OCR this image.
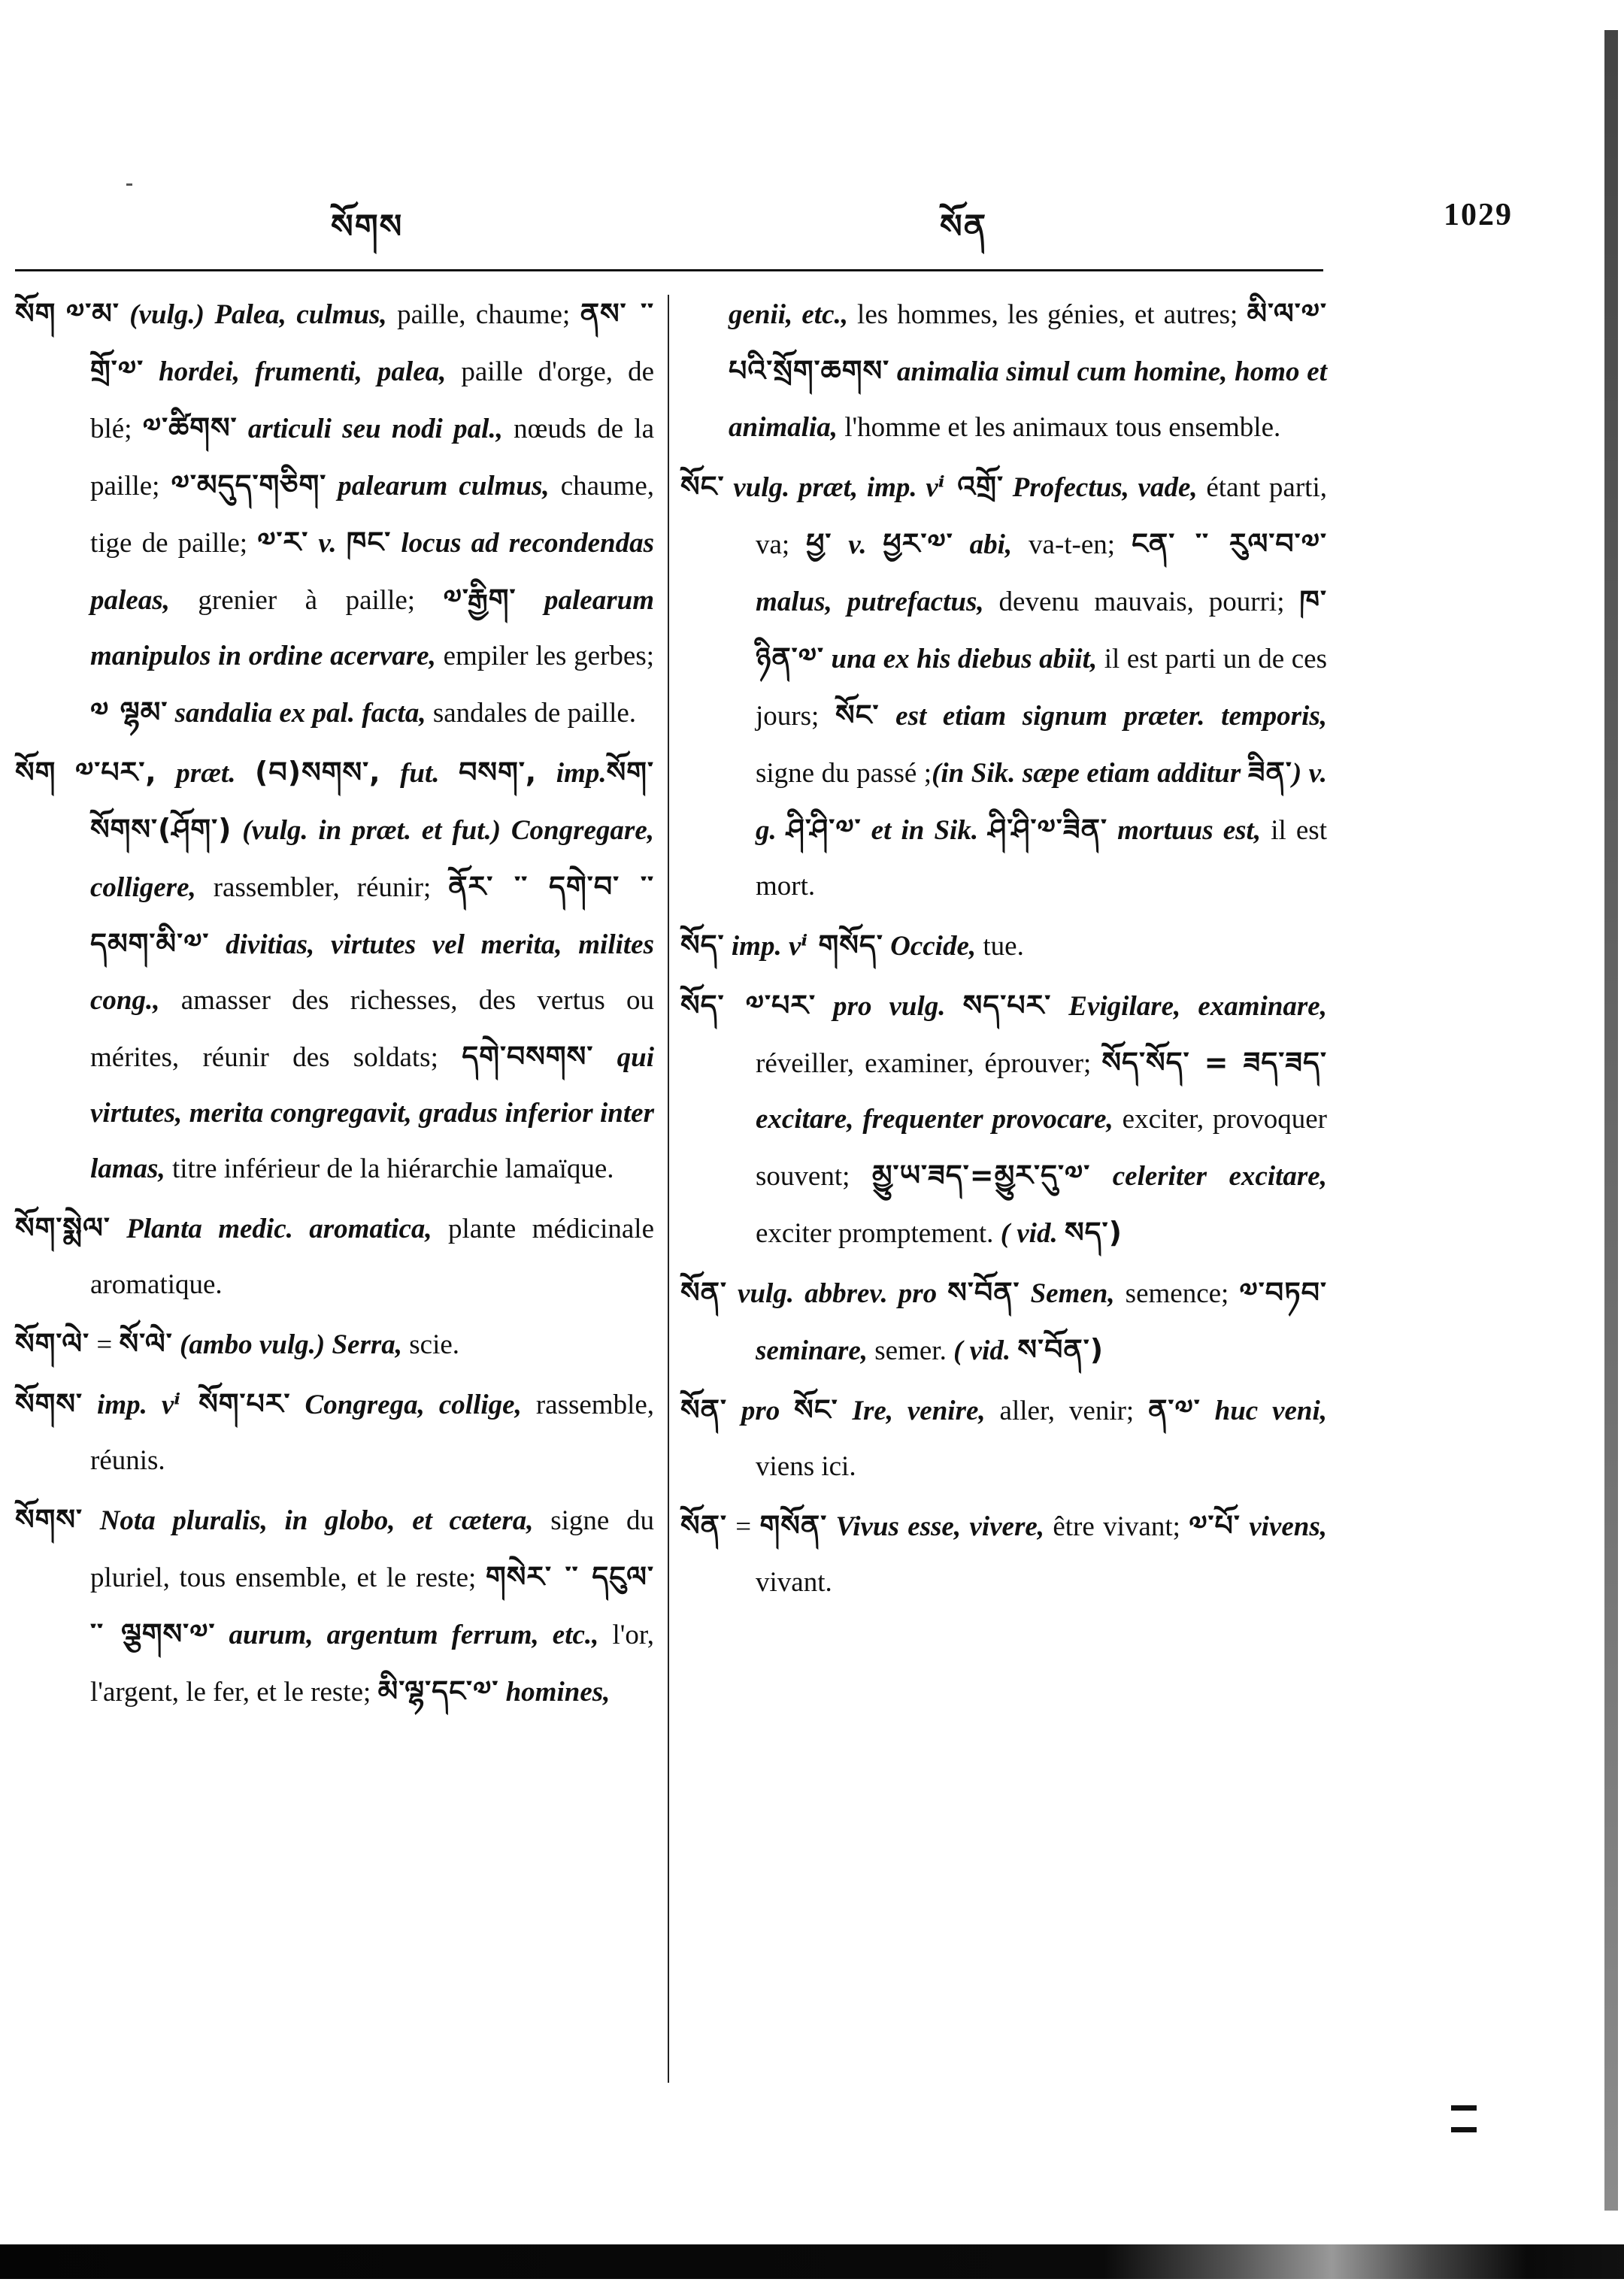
སོགས	སོན	1029

སོག ༧་མ་ (vulg.) Palea, culmus, paille, chaume; ནས་ ་་ གྲོ་༧་ hordei, frumenti, palea, paille d'orge, de blé; ༧་ཚིགས་ articuli seu nodi pal., nœuds de la paille; ༧་མདུད་གཅིག་ palearum culmus, chaume, tige de paille; ༧་ར་ v. ཁང་ locus ad recondendas paleas, grenier à paille; ༧་རྒྱིག་ palearum manipulos in ordine acervare, empiler les gerbes; ༧ ལྷམ་ sandalia ex pal. facta, sandales de paille.

སོག ༧་པར་, præt. (བ)སགས་, fut. བསག་, imp.སོག་ སོགས་(ཤོག་) (vulg. in præt. et fut.) Congregare, colligere, rassembler, réunir; ནོར་ ་་ དགེ་བ་ ་་ དམག་མི་༧་ divitias, virtutes vel merita, milites cong., amasser des richesses, des vertus ou mérites, réunir des soldats; དགེ་བསགས་ qui virtutes, merita congregavit, gradus inferior inter lamas, titre inférieur de la hiérarchie lamaïque.

སོག་སྨེལ་ Planta medic. aromatica, plante médicinale aromatique.

སོག་ལེ་ = སོ་ལེ་ (ambo vulg.) Serra, scie.

སོགས་ imp. vⁱ སོག་པར་ Congrega, collige, rassemble, réunis.

སོགས་ Nota pluralis, in globo, et cætera, signe du pluriel, tous ensemble, et le reste; གསེར་ ་་ དངུལ་ ་་ ལྕགས་༧་ aurum, argentum ferrum, etc., l'or, l'argent, le fer, et le reste; མི་ལྷ་དང་༧་ homines,

genii, etc., les hommes, les génies, et autres; མི་ལ་༧་པའི་སྲོག་ཆགས་ animalia simul cum homine, homo et animalia, l'homme et les animaux tous ensemble.

སོང་ vulg. præt, imp. vⁱ འགྲོ་ Profectus, vade, étant parti, va; ཕྱ་ v. ཕྱར་༧་ abi, va-t-en; ངན་ ་་ རུལ་བ་༧་ malus, putrefactus, devenu mauvais, pourri; ཁ་ཉིན་༧་ una ex his diebus abiit, il est parti un de ces jours; སོང་ est etiam signum præter. temporis, signe du passé ;(in Sik. sæpe etiam additur ཟིན་) v. g. ཤི་ཤི་༧་ et in Sik. ཤི་ཤི་༧་ཟིན་ mortuus est, il est mort.

སོད་ imp. vⁱ གསོད་ Occide, tue.

སོད་ ༧་པར་ pro vulg. སད་པར་ Evigilare, examinare, réveiller, examiner, éprouver; སོད་སོད་ = ཟད་ཟད་ excitare, frequenter provocare, exciter, provoquer souvent; མྱུ་ཡ་ཟད་=མྱུར་དུ་༧་ celeriter excitare, exciter promptement. ( vid. སད་)

སོན་ vulg. abbrev. pro ས་བོན་ Semen, semence; ༧་བཏབ་ seminare, semer. ( vid. ས་བོན་)

སོན་ pro སོང་ Ire, venire, aller, venir; ན་༧་ huc veni, viens ici.

སོན་ = གསོན་ Vivus esse, vivere, être vivant; ༧་པོ་ vivens, vivant.
